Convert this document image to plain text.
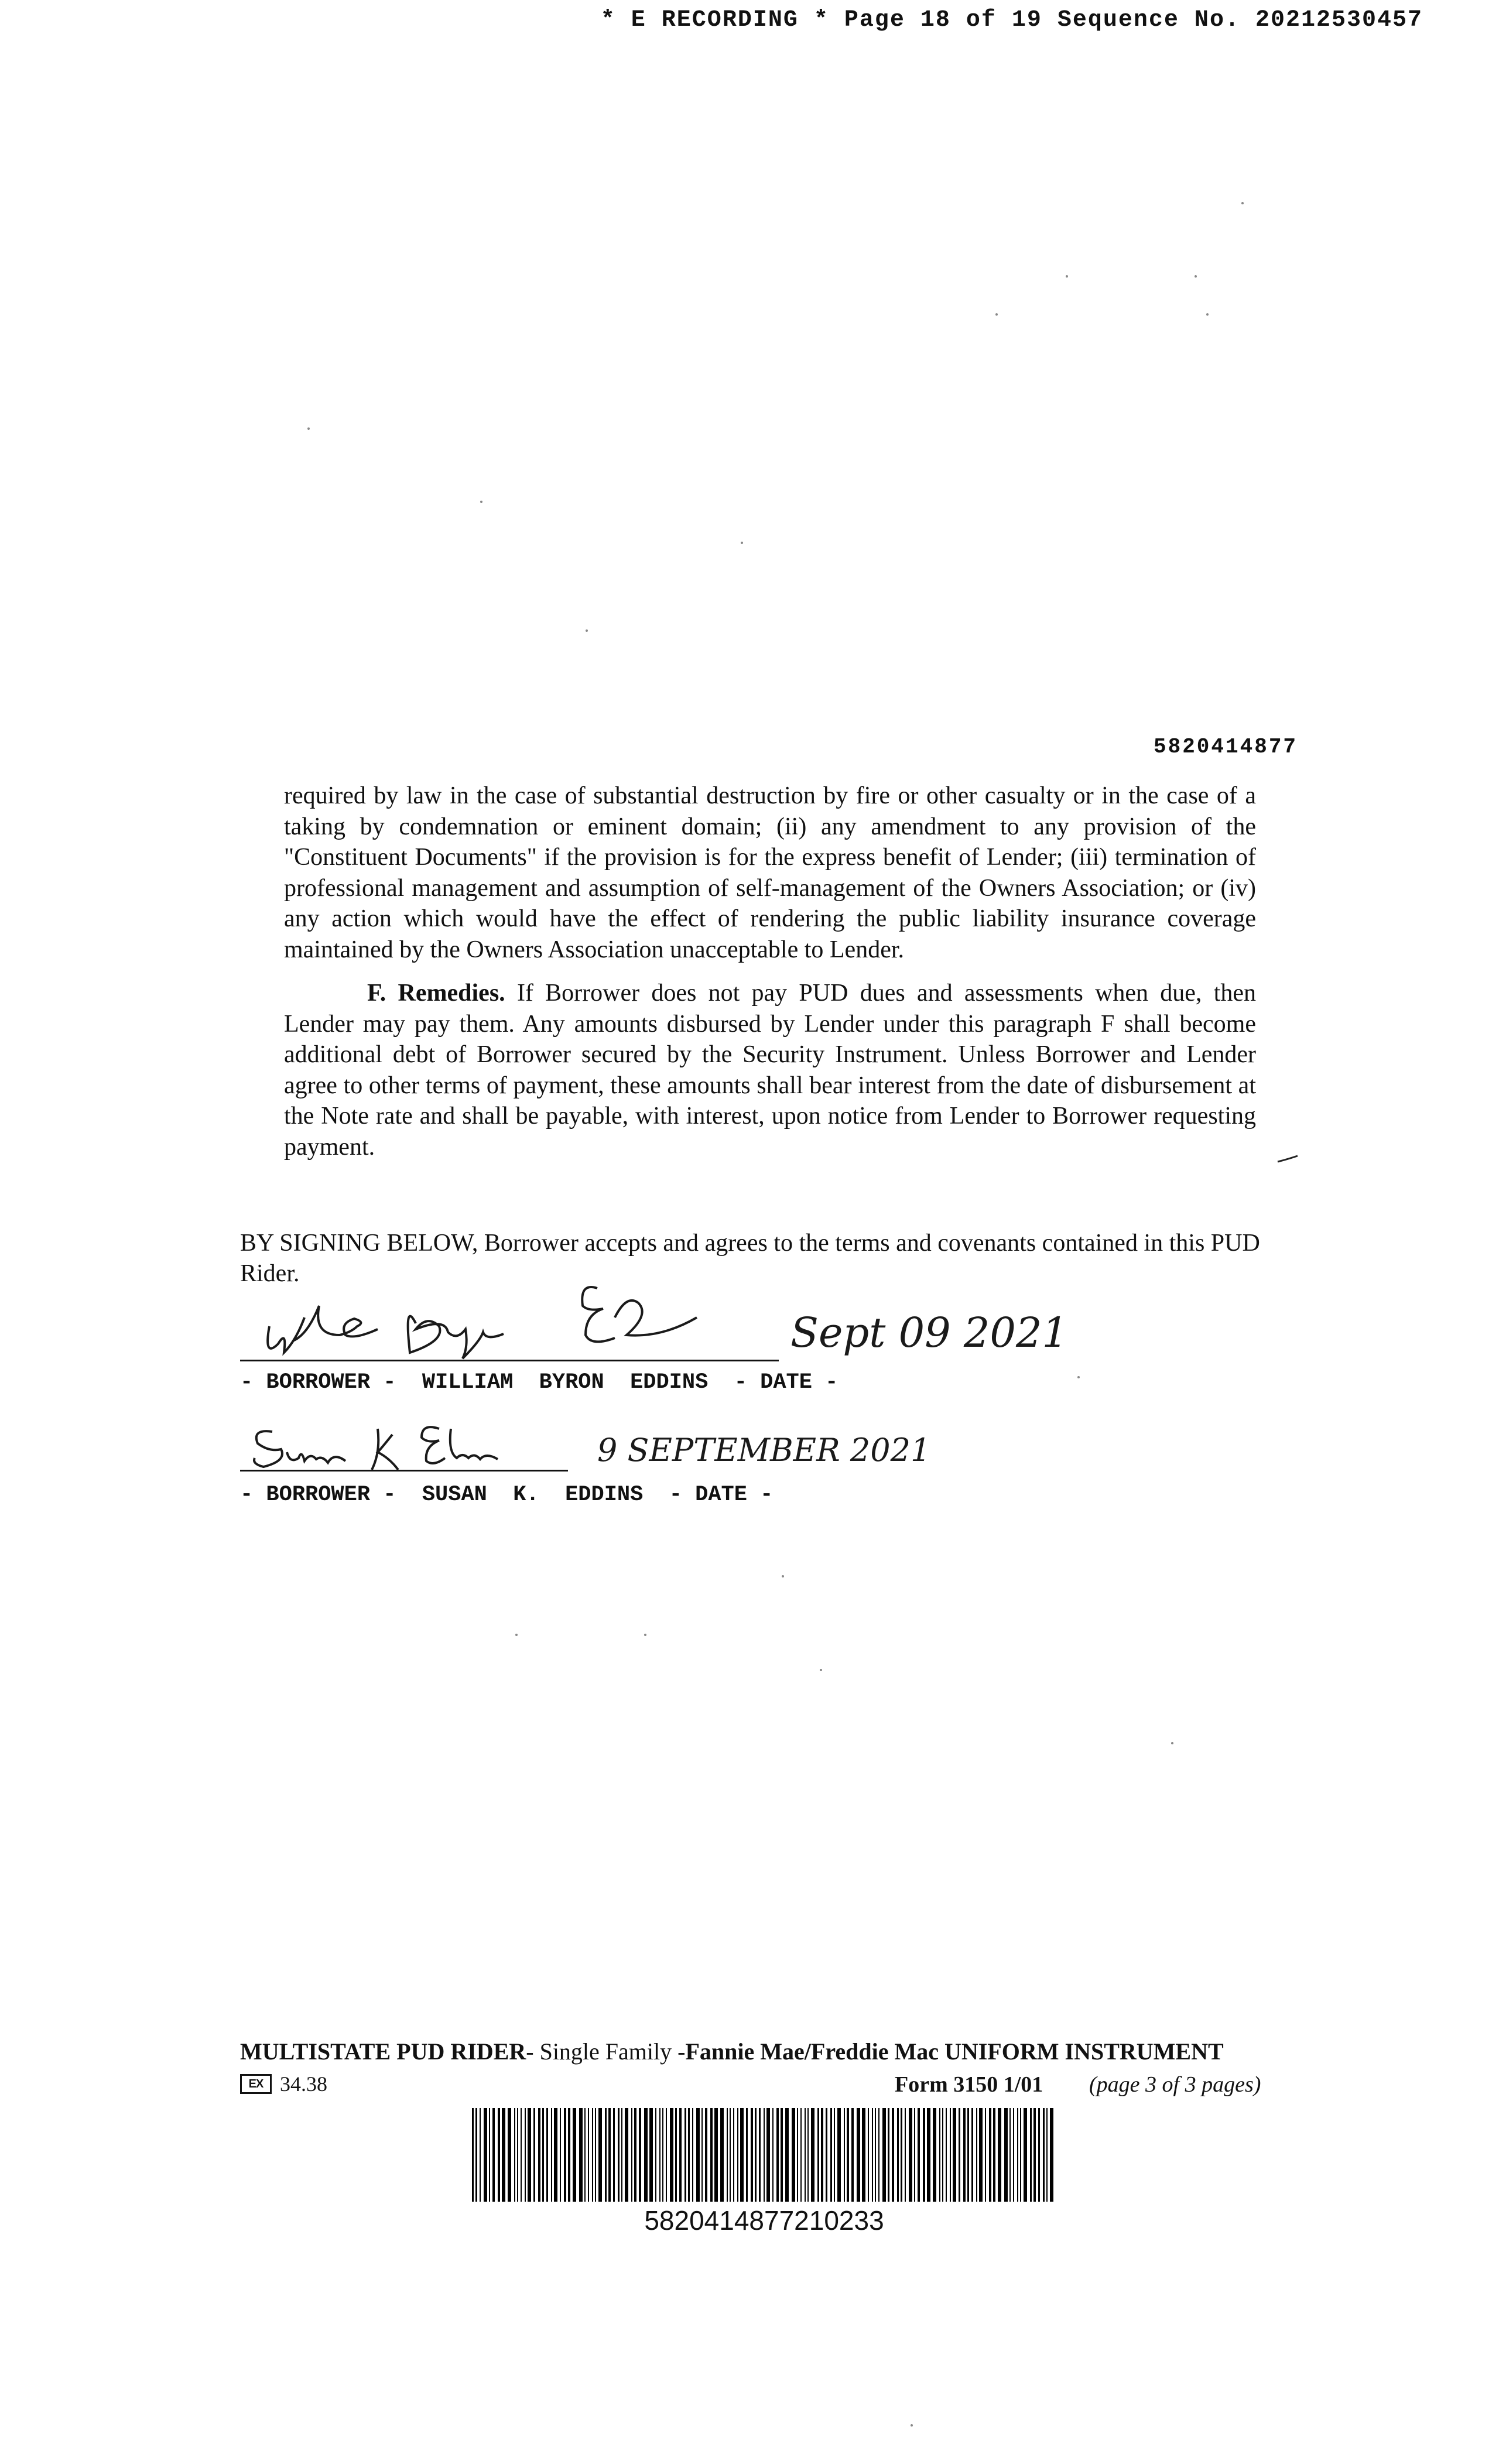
* E RECORDING * Page 18 of 19 Sequence No. 20212530457
5820414877
required by law in the case of substantial destruction by fire or other casualty or in the case of a taking by condemnation or eminent domain; (ii) any amendment to any provision of the "Constituent Documents" if the provision is for the express benefit of Lender; (iii) termination of professional management and assumption of self-management of the Owners Association; or (iv) any action which would have the effect of rendering the public liability insurance coverage maintained by the Owners Association unacceptable to Lender.
F. Remedies. If Borrower does not pay PUD dues and assessments when due, then Lender may pay them. Any amounts disbursed by Lender under this paragraph F shall become additional debt of Borrower secured by the Security Instrument. Unless Borrower and Lender agree to other terms of payment, these amounts shall bear interest from the date of disbursement at the Note rate and shall be payable, with interest, upon notice from Lender to Borrower requesting payment.
BY SIGNING BELOW, Borrower accepts and agrees to the terms and covenants contained in this PUD Rider.
Sept 09 2021
- BORROWER -  WILLIAM  BYRON  EDDINS  - DATE -
9 SEPTEMBER 2021
- BORROWER -  SUSAN  K.  EDDINS  - DATE -
MULTISTATE PUD RIDER- Single Family -Fannie Mae/Freddie Mac UNIFORM INSTRUMENT
EX 34.38	Form 3150 1/01 (page 3 of 3 pages)
5820414877210233
